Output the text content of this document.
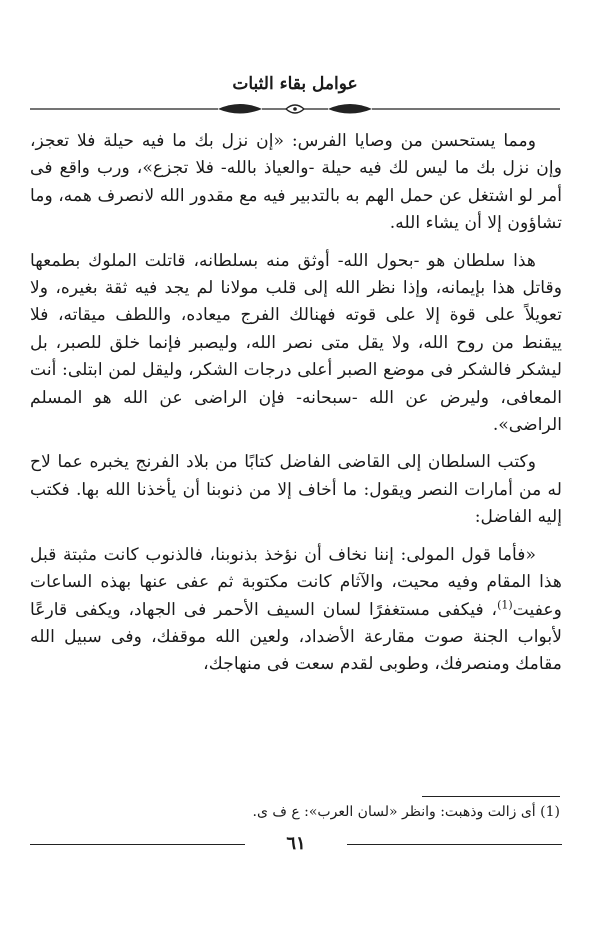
عوامل بقاء الثبات

ومما يستحسن من وصايا الفرس: «إن نزل بك ما فيه حيلة فلا تعجز، وإن نزل بك ما ليس لك فيه حيلة -والعياذ بالله- فلا تجزع»، ورب واقع فى أمر لو اشتغل عن حمل الهم به بالتدبير فيه مع مقدور الله لانصرف همه، وما تشاؤون إلا أن يشاء الله.

هذا سلطان هو -بحول الله- أوثق منه بسلطانه، قاتلت الملوك بطمعها وقاتل هذا بإيمانه، وإذا نظر الله إلى قلب مولانا لم يجد فيه ثقة بغيره، ولا تعويلاً على قوة إلا على قوته فهنالك الفرج ميعاده، واللطف ميقاته، فلا ييقنط من روح الله، ولا يقل متى نصر الله، وليصبر فإنما خلق للصبر، بل ليشكر فالشكر فى موضع الصبر أعلى درجات الشكر، وليقل لمن ابتلى: أنت المعافى، وليرض عن الله -سبحانه- فإن الراضى عن الله هو المسلم الراضى».

وكتب السلطان إلى القاضى الفاضل كتابًا من بلاد الفرنج يخبره عما لاح له من أمارات النصر ويقول: ما أخاف إلا من ذنوبنا أن يأخذنا الله بها. فكتب إليه الفاضل:

«فأما قول المولى: إننا نخاف أن نؤخذ بذنوبنا، فالذنوب كانت مثبتة قبل هذا المقام وفيه محيت، والآثام كانت مكتوبة ثم عفى عنها بهذه الساعات وعفيت$^{(1)}$، فيكفى مستغفرًا لسان السيف الأحمر فى الجهاد، ويكفى قارعًا لأبواب الجنة صوت مقارعة الأضداد، ولعين الله موقفك، وفى سبيل الله مقامك ومنصرفك، وطوبى لقدم سعت فى منهاجك،

(1) أى زالت وذهبت: وانظر «لسان العرب»: ع ف ى.
٦١
